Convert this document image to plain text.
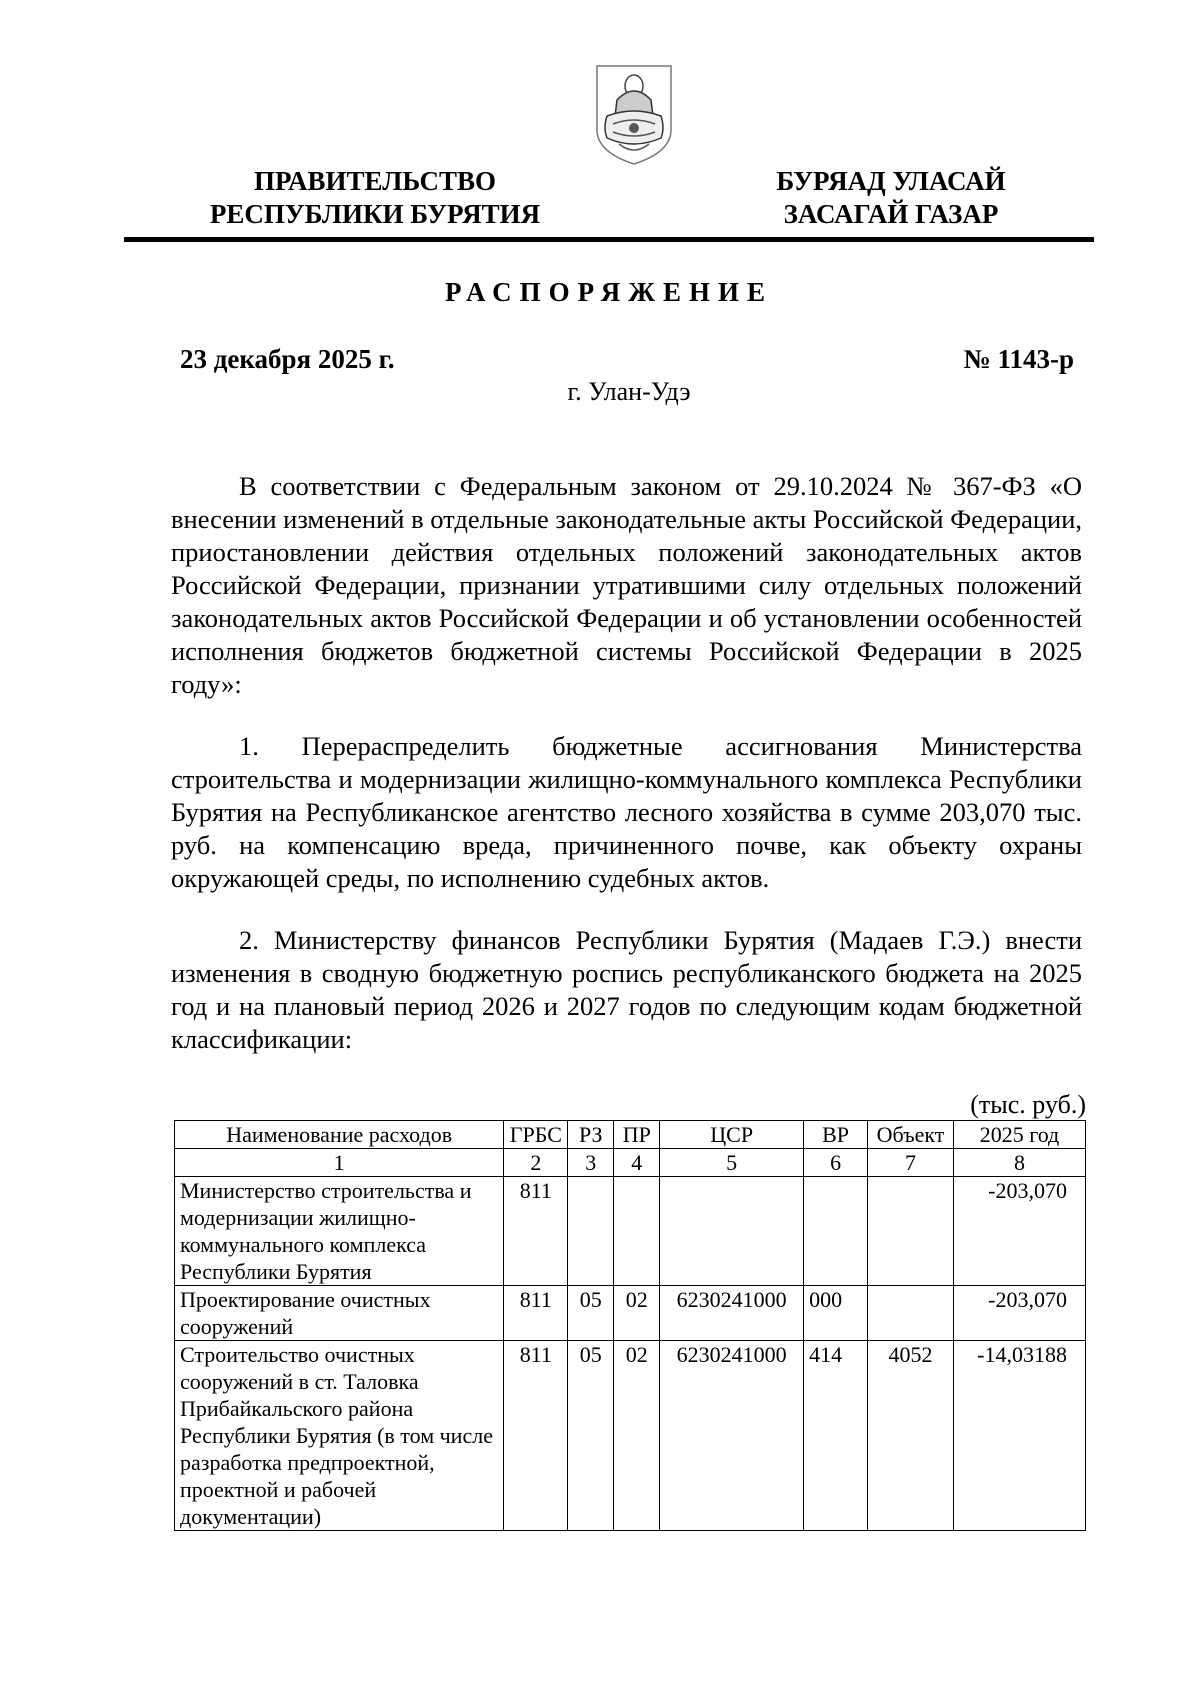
ПРАВИТЕЛЬСТВО
РЕСПУБЛИКИ БУРЯТИЯ
БУРЯАД УЛАСАЙ
ЗАСАГАЙ ГАЗАР
РАСПОРЯЖЕНИЕ
23 декабря 2025 г.	№ 1143-р
г. Улан-Удэ

В соответствии с Федеральным законом от 29.10.2024 № 367-ФЗ «О внесении изменений в отдельные законодательные акты Российской Федерации, приостановлении действия отдельных положений законодательных актов Российской Федерации, признании утратившими силу отдельных положений законодательных актов Российской Федерации и об установлении особенностей исполнения бюджетов бюджетной системы Российской Федерации в 2025 году»:

1. Перераспределить бюджетные ассигнования Министерства строительства и модернизации жилищно-коммунального комплекса Республики Бурятия на Республиканское агентство лесного хозяйства в сумме 203,070 тыс. руб. на компенсацию вреда, причиненного почве, как объекту охраны окружающей среды, по исполнению судебных актов.

2. Министерству финансов Республики Бурятия (Мадаев Г.Э.) внести изменения в сводную бюджетную роспись республиканского бюджета на 2025 год и на плановый период 2026 и 2027 годов по следующим кодам бюджетной классификации:

(тыс. руб.)
Наименование расходов	ГРБС	РЗ	ПР	ЦСР	ВР	Объект	2025 год
1	2	3	4	5	6	7	8
Министерство строительства и модернизации жилищно-коммунального комплекса Республики Бурятия	811						-203,070
Проектирование очистных сооружений	811	05	02	6230241000	000		-203,070
Строительство очистных сооружений в ст. Таловка Прибайкальского района Республики Бурятия (в том числе разработка предпроектной, проектной и рабочей документации)	811	05	02	6230241000	414	4052	-14,03188
